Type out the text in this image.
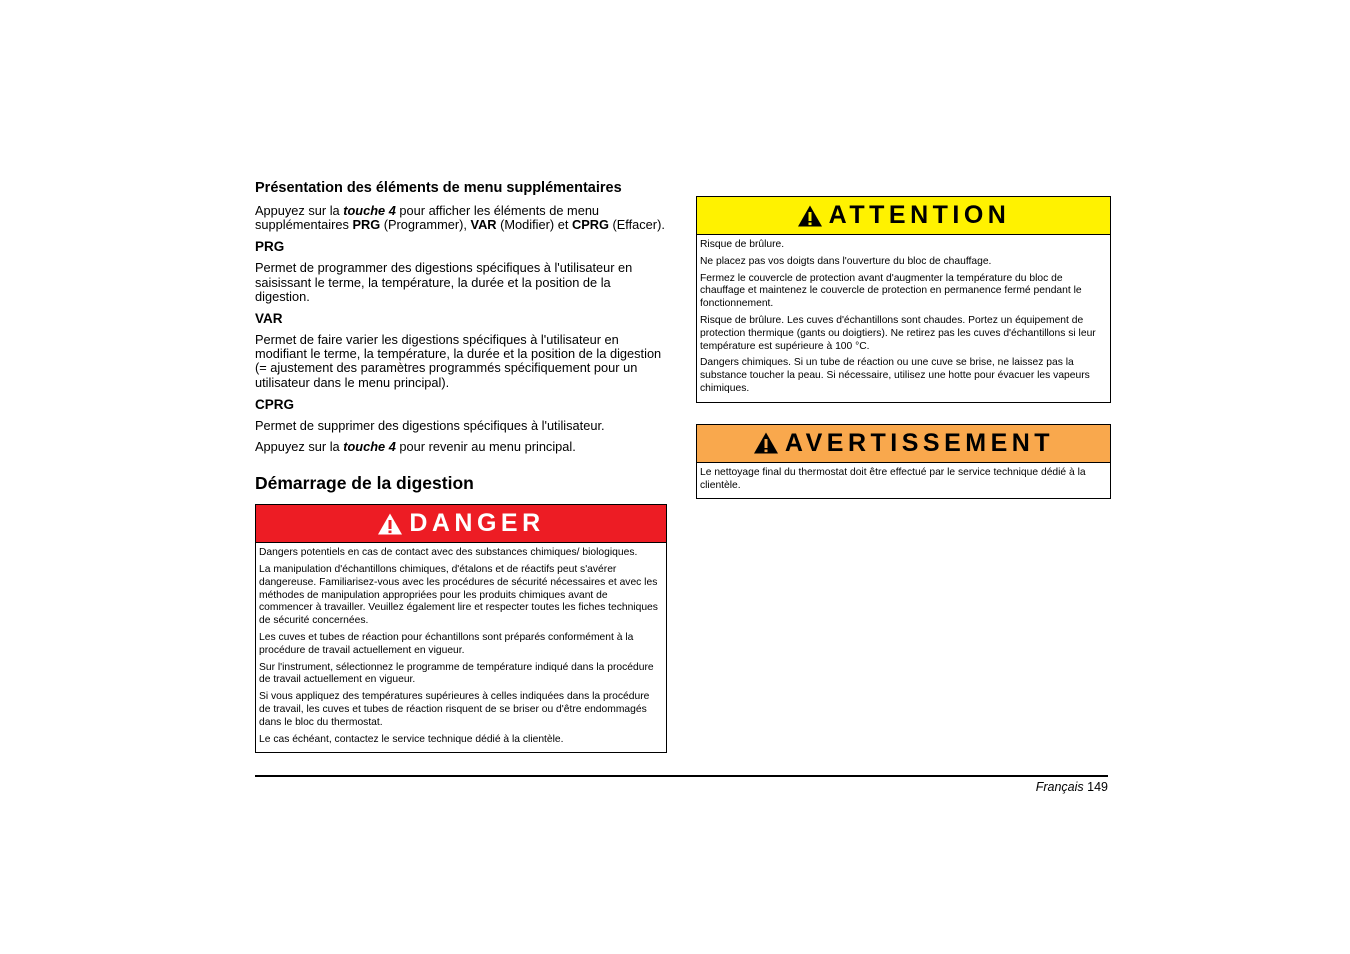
Présentation des éléments de menu supplémentaires

Appuyez sur la touche 4 pour afficher les éléments de menu supplémentaires PRG (Programmer), VAR (Modifier) et CPRG (Effacer).

PRG

Permet de programmer des digestions spécifiques à l'utilisateur en saisissant le terme, la température, la durée et la position de la digestion.

VAR

Permet de faire varier les digestions spécifiques à l'utilisateur en modifiant le terme, la température, la durée et la position de la digestion (= ajustement des paramètres programmés spécifiquement pour un utilisateur dans le menu principal).

CPRG

Permet de supprimer des digestions spécifiques à l'utilisateur.

Appuyez sur la touche 4 pour revenir au menu principal.

Démarrage de la digestion
DANGER

Dangers potentiels en cas de contact avec des substances chimiques/ biologiques.

La manipulation d'échantillons chimiques, d'étalons et de réactifs peut s'avérer dangereuse. Familiarisez-vous avec les procédures de sécurité nécessaires et avec les méthodes de manipulation appropriées pour les produits chimiques avant de commencer à travailler. Veuillez également lire et respecter toutes les fiches techniques de sécurité concernées.

Les cuves et tubes de réaction pour échantillons sont préparés conformément à la procédure de travail actuellement en vigueur.

Sur l'instrument, sélectionnez le programme de température indiqué dans la procédure de travail actuellement en vigueur.

Si vous appliquez des températures supérieures à celles indiquées dans la procédure de travail, les cuves et tubes de réaction risquent de se briser ou d'être endommagés dans le bloc du thermostat.

Le cas échéant, contactez le service technique dédié à la clientèle.

ATTENTION

Risque de brûlure.

Ne placez pas vos doigts dans l'ouverture du bloc de chauffage.

Fermez le couvercle de protection avant d'augmenter la température du bloc de chauffage et maintenez le couvercle de protection en permanence fermé pendant le fonctionnement.

Risque de brûlure. Les cuves d'échantillons sont chaudes. Portez un équipement de protection thermique (gants ou doigtiers). Ne retirez pas les cuves d'échantillons si leur température est supérieure à 100 °C.

Dangers chimiques. Si un tube de réaction ou une cuve se brise, ne laissez pas la substance toucher la peau. Si nécessaire, utilisez une hotte pour évacuer les vapeurs chimiques.

AVERTISSEMENT

Le nettoyage final du thermostat doit être effectué par le service technique dédié à la clientèle.

Français 149
